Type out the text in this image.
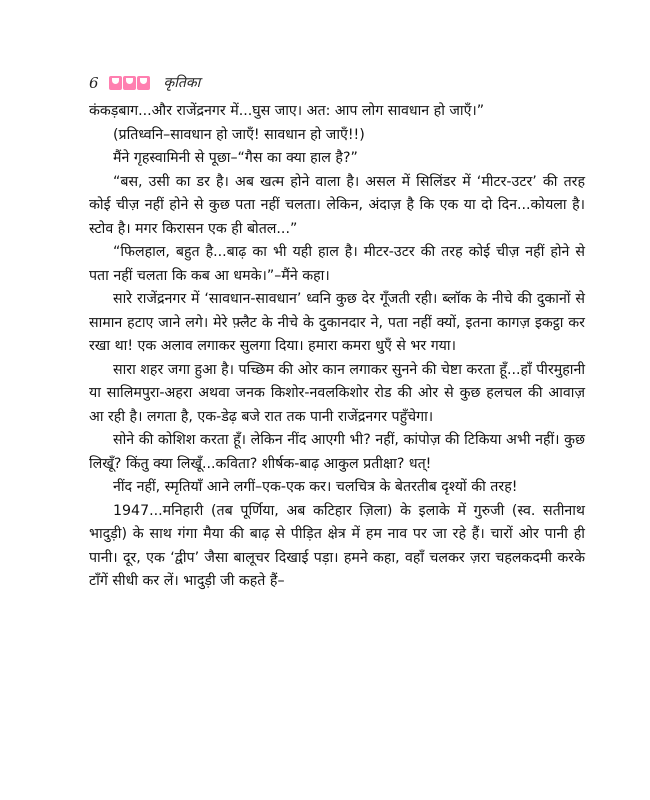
6	कृतिका

कंकड़बाग...और राजेंद्रनगर में...घुस जाए। अत: आप लोग सावधान हो जाएँ।”

(प्रतिध्वनि–सावधान हो जाएँ! सावधान हो जाएँ!!)

मैंने गृहस्वामिनी से पूछा–“गैस का क्या हाल है?”

“बस, उसी का डर है। अब खत्म होने वाला है। असल में सिलिंडर में ‘मीटर-उटर’ की तरह कोई चीज़ नहीं होने से कुछ पता नहीं चलता। लेकिन, अंदाज़ है कि एक या दो दिन...कोयला है। स्टोव है। मगर किरासन एक ही बोतल...”

“फिलहाल, बहुत है...बाढ़ का भी यही हाल है। मीटर-उटर की तरह कोई चीज़ नहीं होने से पता नहीं चलता कि कब आ धमके।”–मैंने कहा।

सारे राजेंद्रनगर में ‘सावधान-सावधान’ ध्वनि कुछ देर गूँजती रही। ब्लॉक के नीचे की दुकानों से सामान हटाए जाने लगे। मेरे फ़्लैट के नीचे के दुकानदार ने, पता नहीं क्यों, इतना कागज़ इकट्ठा कर रखा था! एक अलाव लगाकर सुलगा दिया। हमारा कमरा धुएँ से भर गया।

सारा शहर जगा हुआ है। पच्छिम की ओर कान लगाकर सुनने की चेष्टा करता हूँ...हाँ पीरमुहानी या सालिमपुरा-अहरा अथवा जनक किशोर-नवलकिशोर रोड की ओर से कुछ हलचल की आवाज़ आ रही है। लगता है, एक-डेढ़ बजे रात तक पानी राजेंद्रनगर पहुँचेगा।

सोने की कोशिश करता हूँ। लेकिन नींद आएगी भी? नहीं, कांपोज़ की टिकिया अभी नहीं। कुछ लिखूँ? किंतु क्या लिखूँ...कविता? शीर्षक-बाढ़ आकुल प्रतीक्षा? धत्!

नींद नहीं, स्मृतियाँ आने लगीं–एक-एक कर। चलचित्र के बेतरतीब दृश्यों की तरह!

1947...मनिहारी (तब पूर्णिया, अब कटिहार ज़िला) के इलाके में गुरुजी (स्व. सतीनाथ भादुड़ी) के साथ गंगा मैया की बाढ़ से पीड़ित क्षेत्र में हम नाव पर जा रहे हैं। चारों ओर पानी ही पानी। दूर, एक ‘द्वीप’ जैसा बालूचर दिखाई पड़ा। हमने कहा, वहाँ चलकर ज़रा चहलकदमी करके टाँगें सीधी कर लें। भादुड़ी जी कहते हैं–
